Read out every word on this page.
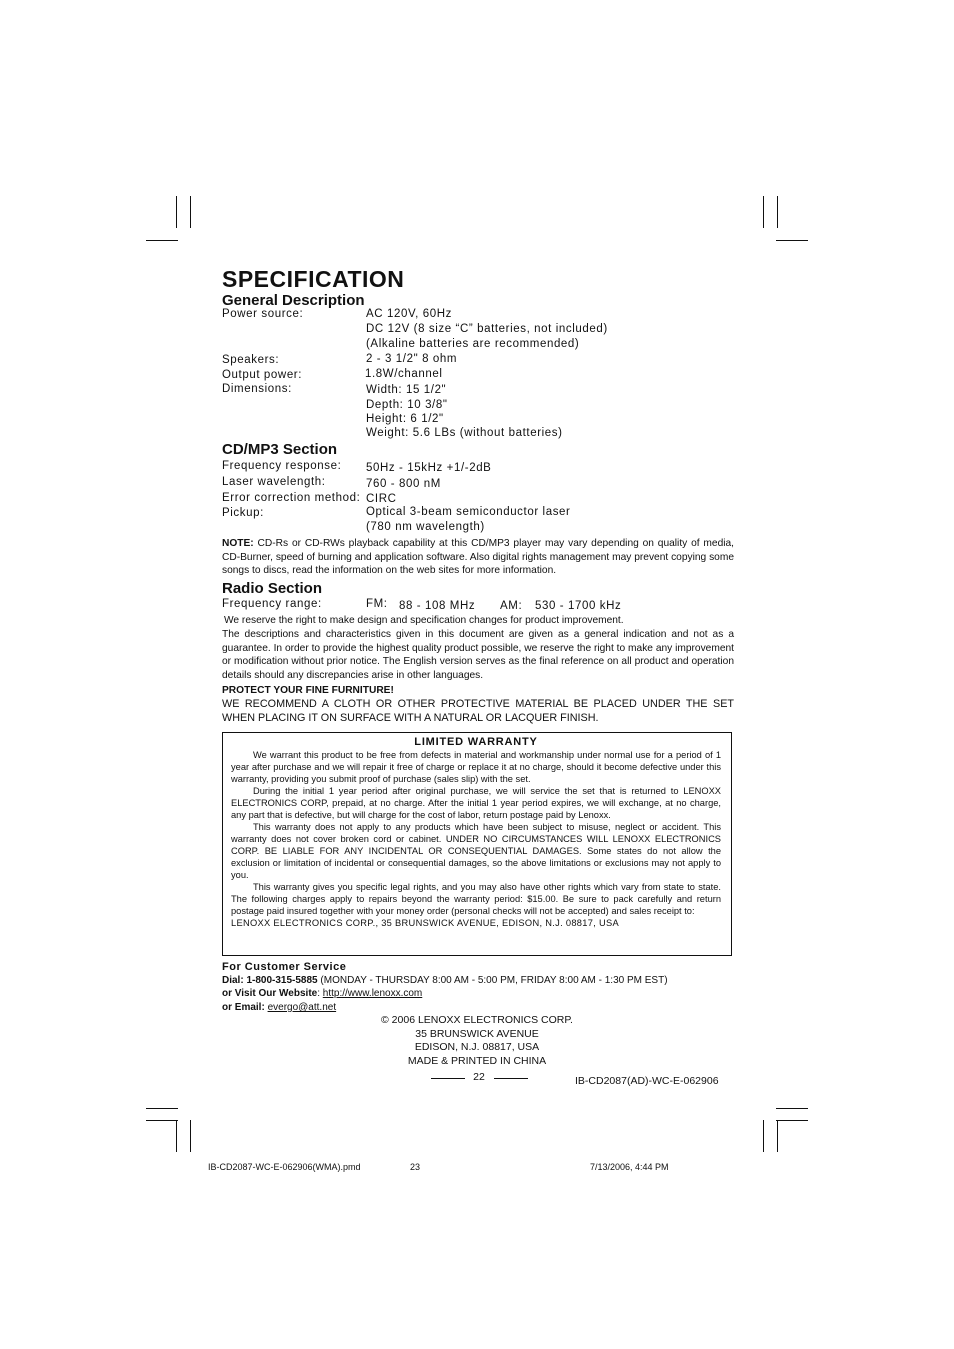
SPECIFICATION
General Description
Power source:	AC 120V, 60Hz
DC 12V (8 size “C” batteries, not included)
(Alkaline batteries are recommended)
Speakers:	2 - 3 1/2" 8 ohm
Output power:	1.8W/channel
Dimensions:	Width: 15 1/2"
Depth: 10 3/8"
Height: 6 1/2"
Weight: 5.6 LBs (without batteries)
CD/MP3 Section
Frequency response: 50Hz - 15kHz +1/-2dB
Laser wavelength:	760 - 800 nM
Error correction method: CIRC
Pickup:	Optical 3-beam semiconductor laser
(780 nm wavelength)
NOTE: CD-Rs or CD-RWs playback capability at this CD/MP3 player may vary depending on quality of media, CD-Burner, speed of burning and application software. Also digital rights management may prevent copying some songs to discs, read the information on the web sites for more information.
Radio Section
Frequency range:	FM: 88 - 108 MHz AM: 530 - 1700 kHz
We reserve the right to make design and specification changes for product improvement.
The descriptions and characteristics given in this document are given as a general indication and not as a guarantee. In order to provide the highest quality product possible, we reserve the right to make any improvement or modification without prior notice. The English version serves as the final reference on all product and operation details should any discrepancies arise in other languages.
PROTECT YOUR FINE FURNITURE!
WE RECOMMEND A CLOTH OR OTHER PROTECTIVE MATERIAL BE PLACED UNDER THE SET WHEN PLACING IT ON SURFACE WITH A NATURAL OR LACQUER FINISH.
LIMITED WARRANTY

We warrant this product to be free from defects in material and workmanship under normal use for a period of 1 year after purchase and we will repair it free of charge or replace it at no charge, should it become defective under this warranty, providing you submit proof of purchase (sales slip) with the set.

During the initial 1 year period after original purchase, we will service the set that is returned to LENOXX ELECTRONICS CORP, prepaid, at no charge. After the initial 1 year period expires, we will exchange, at no charge, any part that is defective, but will charge for the cost of labor, return postage paid by Lenoxx.

This warranty does not apply to any products which have been subject to misuse, neglect or accident. This warranty does not cover broken cord or cabinet. UNDER NO CIRCUMSTANCES WILL LENOXX ELECTRONICS CORP. BE LIABLE FOR ANY INCIDENTAL OR CONSEQUENTIAL DAMAGES. Some states do not allow the exclusion or limitation of incidental or consequential damages, so the above limitations or exclusions may not apply to you.

This warranty gives you specific legal rights, and you may also have other rights which vary from state to state. The following charges apply to repairs beyond the warranty period: $15.00. Be sure to pack carefully and return postage paid insured together with your money order (personal checks will not be accepted) and sales receipt to:

LENOXX ELECTRONICS CORP., 35 BRUNSWICK AVENUE, EDISON, N.J. 08817, USA

For Customer Service
Dial: 1-800-315-5885 (MONDAY - THURSDAY 8:00 AM - 5:00 PM, FRIDAY 8:00 AM - 1:30 PM EST)
or Visit Our Website: http://www.lenoxx.com
or Email: evergo@att.net
© 2006 LENOXX ELECTRONICS CORP.
35 BRUNSWICK AVENUE
EDISON, N.J. 08817, USA
MADE & PRINTED IN CHINA
22	IB-CD2087(AD)-WC-E-062906
IB-CD2087-WC-E-062906(WMA).pmd	23	7/13/2006, 4:44 PM
